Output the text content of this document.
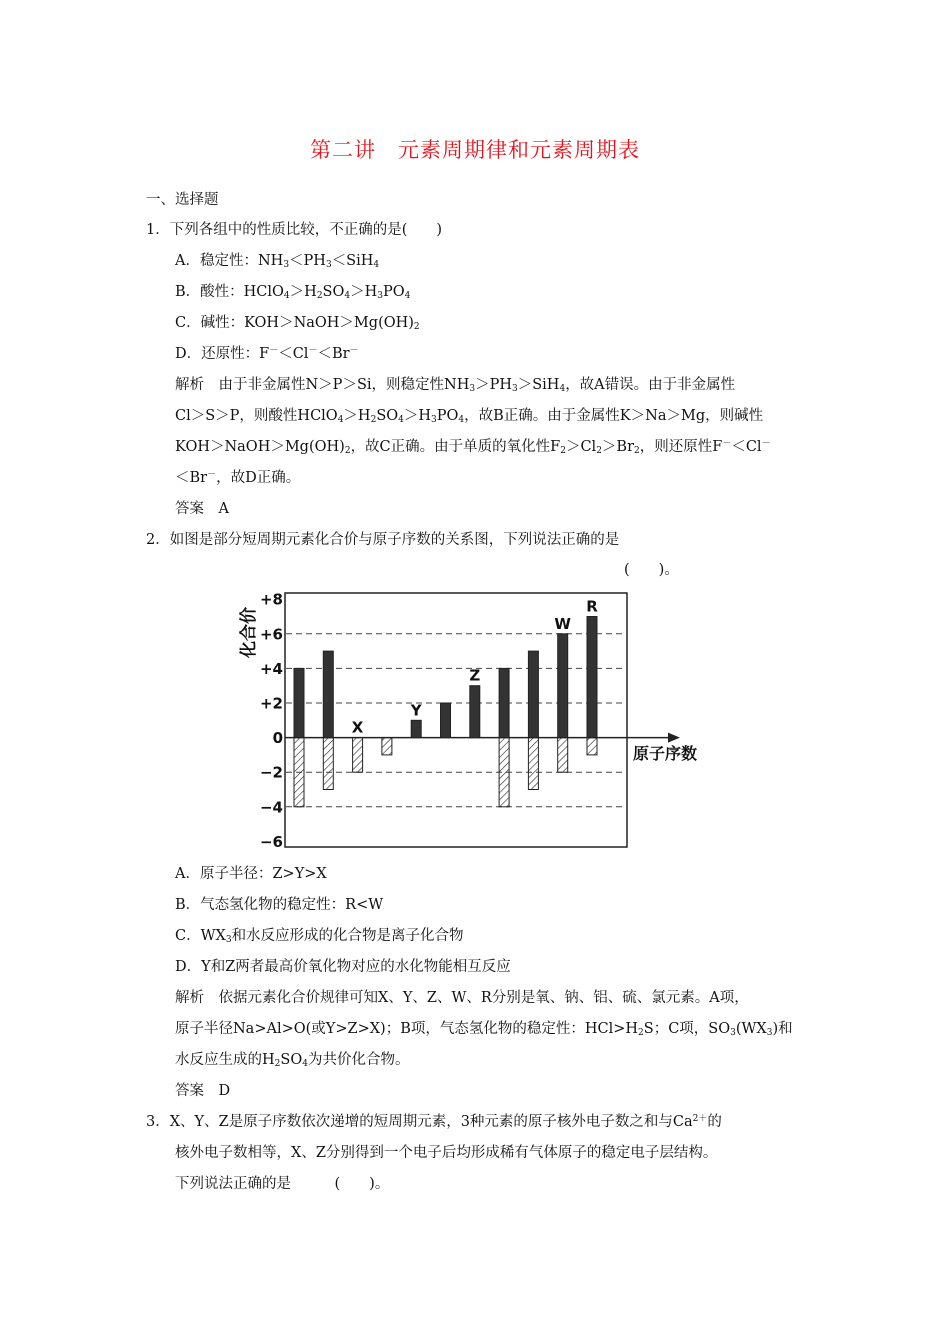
第二讲　元素周期律和元素周期表
一、选择题
1．下列各组中的性质比较，不正确的是(　　)
A．稳定性：$NH_3<PH_3<SiH_4$
B．酸性：$HClO_4>H_2SO_4>H_3PO_4$
C．碱性：$KOH>NaOH>Mg(OH)_2$
D．还原性：F－＜Cl－＜Br－
解析　由于非金属性N＞P＞Si，则稳定性$NH_3>PH_3>SiH_4$，故A错误。由于非金属性
Cl＞S＞P，则酸性$HClO_4>H_2SO_4>H_3PO_4$，故B正确。由于金属性K＞Na＞Mg，则碱性
$KOH>NaOH>Mg(OH)_2$，故C正确。由于单质的氧化性$F_2>Cl_2>Br_2$，则还原性F－＜Cl－
＜Br－，故D正确。
答案　A
2．如图是部分短周期元素化合价与原子序数的关系图，下列说法正确的是
(　　)。
+8
+6
+4
+2
0
−2
−4
−6
X
Y
Z
W
R
原子序数
化合价
A．原子半径：Z>Y>X
B．气态氢化物的稳定性：R<W
C．$WX_3$和水反应形成的化合物是离子化合物
D．Y和Z两者最高价氧化物对应的水化物能相互反应
解析　依据元素化合价规律可知X、Y、Z、W、R分别是氧、钠、铝、硫、氯元素。A项，
原子半径Na>Al>O(或Y>Z>X)；B项，气态氢化物的稳定性：$HCl>H_2S$；C项，$SO_3(WX_3)$和
水反应生成的$H_2SO_4$为共价化合物。
答案　D
3．X、Y、Z是原子序数依次递增的短周期元素，3种元素的原子核外电子数之和与$Ca^{2+}$的
核外电子数相等，X、Z分别得到一个电子后均形成稀有气体原子的稳定电子层结构。
下列说法正确的是　　　(　　)。
